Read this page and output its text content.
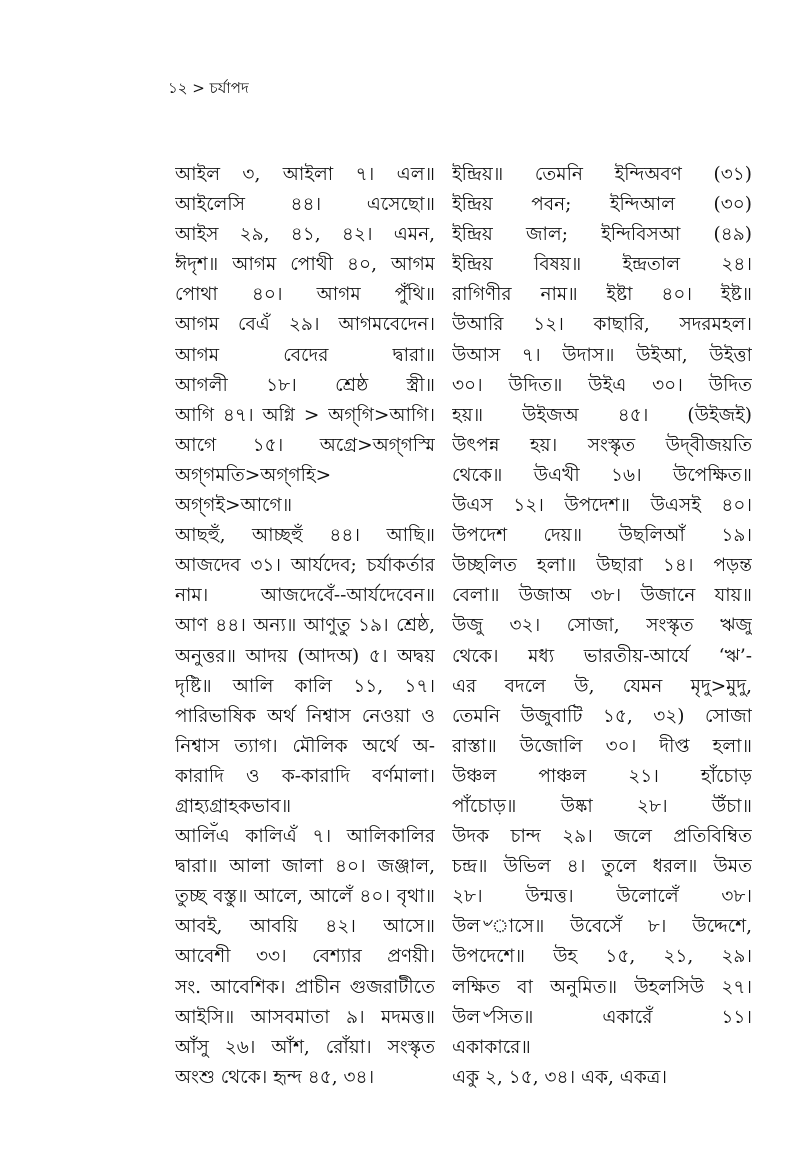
১২ > চর্যাপদ
আইল ৩, আইলা ৭। এল॥
আইলেসি ৪৪। এসেছো॥
আইস ২৯, ৪১, ৪২। এমন,
ঈদৃশ॥ আগম পোথী ৪০, আগম
পোথা ৪০। আগম পুঁথি॥
আগম বেএঁ ২৯। আগমবেদেন।
আগম বেদের দ্বারা॥
আগলী ১৮। শ্রেষ্ঠ স্ত্রী॥
আগি ৪৭। অগ্নি > অগ্‌গি>আগি।
আগে ১৫। অগ্রে>অগ্‌গস্মি
অগ্‌গমতি>অগ্‌গহি>
অগ্‌গই>আগে॥
আছহুঁ, আচ্ছহুঁ ৪৪। আছি॥
আজদেব ৩১। আর্যদেব; চর্যাকর্তার
নাম। আজদেবেঁ--আর্যদেবেন॥
আণ ৪৪। অন্য॥ আণুতু ১৯। শ্রেষ্ঠ,
অনুত্তর॥ আদয় (আদঅ) ৫। অদ্বয়
দৃষ্টি॥ আলি কালি ১১, ১৭।
পারিভাষিক অর্থ নিশ্বাস নেওয়া ও
নিশ্বাস ত্যাগ। মৌলিক অর্থে অ-
কারাদি ও ক-কারাদি বর্ণমালা।
গ্রাহ্যগ্রাহকভাব॥
আলিঁএ কালিএঁ ৭। আলিকালির
দ্বারা॥ আলা জালা ৪০। জঞ্জাল,
তুচ্ছ বস্তু॥ আলে, আলেঁ ৪০। বৃথা॥
আবই, আবয়ি ৪২। আসে॥
আবেশী ৩৩। বেশ্যার প্রণয়ী।
সং. আবেশিক। প্রাচীন গুজরাটীতে
আইসি॥ আসবমাতা ৯। মদমত্ত॥
আঁসু ২৬। আঁশ, রোঁয়া। সংস্কৃত
অংশু থেকে। হৃন্দ ৪৫, ৩৪।
ইন্দ্রিয়॥ তেমনি ইন্দিঅবণ (৩১)
ইন্দ্রিয় পবন; ইন্দিআল (৩০)
ইন্দ্রিয় জাল; ইন্দিবিসআ (৪৯)
ইন্দ্রিয় বিষয়॥ ইন্দ্রতাল ২৪।
রাগিণীর নাম॥ ইষ্টা ৪০। ইষ্ট॥
উআরি ১২। কাছারি, সদরমহল।
উআস ৭। উদাস॥ উইআ, উইত্তা
৩০। উদিত॥ উইএ ৩০। উদিত
হয়॥ উইজঅ ৪৫। (উইজই)
উৎপন্ন হয়। সংস্কৃত উদ্‌বীজয়তি
থেকে॥ উএখী ১৬। উপেক্ষিত॥
উএস ১২। উপদেশ॥ উএসই ৪০।
উপদেশ দেয়॥ উছলিআঁ ১৯।
উচ্ছলিত হলা॥ উছারা ১৪। পড়ন্ত
বেলা॥ উজাঅ ৩৮। উজানে যায়॥
উজু ৩২। সোজা, সংস্কৃত ঋজু
থেকে। মধ্য ভারতীয়-আর্যে ‘ঋ’-
এর বদলে উ, যেমন মৃদু>মুদু,
তেমনি উজুবাটি ১৫, ৩২) সোজা
রাস্তা॥ উজোলি ৩০। দীপ্ত হলা॥
উঞ্চল পাঞ্চল ২১। হাঁচোড়
পাঁচোড়॥ উষ্কা ২৮। উঁচা॥
উদক চান্দ ২৯। জলে প্রতিবিম্বিত
চন্দ্র॥ উভিল ৪। তুলে ধরল॥ উমত
২৮। উন্মত্ত। উলোলেঁ ৩৮।
উল৺াসে॥ উবেসেঁ ৮। উদ্দেশে,
উপদেশে॥ উহ ১৫, ২১, ২৯।
লক্ষিত বা অনুমিত॥ উহলসিউ ২৭।
উল৺সিত॥ একারেঁ ১১।
একাকারে॥
একু ২, ১৫, ৩৪। এক, একত্র।
